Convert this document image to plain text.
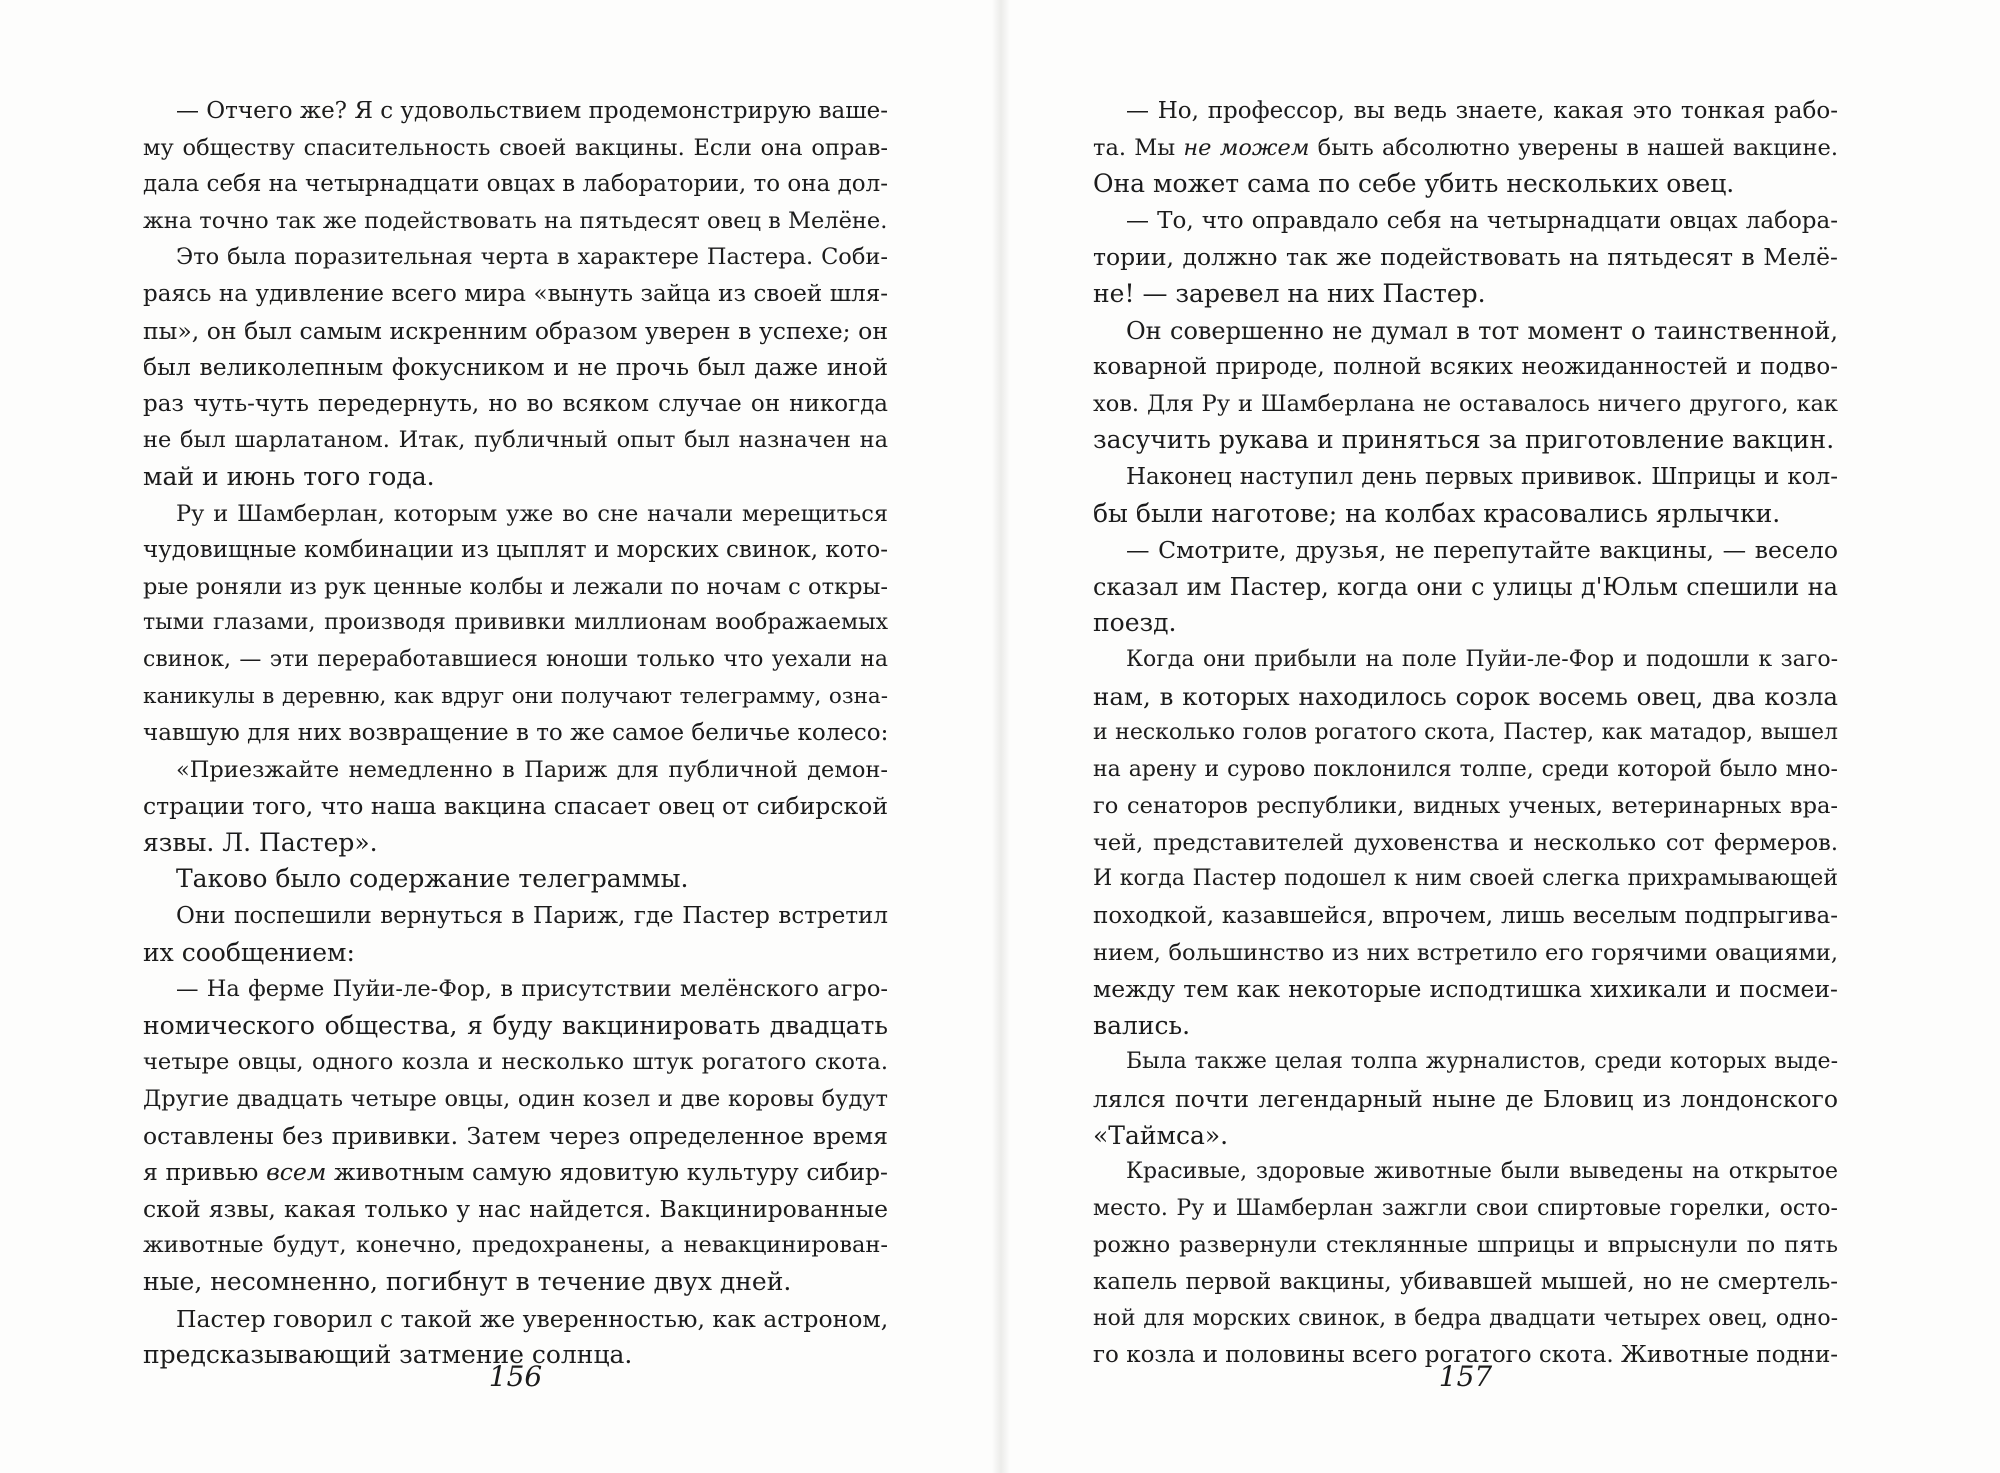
— Отчего же? Я с удовольствием продемонстрирую ваше-
му обществу спасительность своей вакцины. Если она оправ-
дала себя на четырнадцати овцах в лаборатории, то она дол-
жна точно так же подействовать на пятьдесят овец в Мелёне.
Это была поразительная черта в характере Пастера. Соби-
раясь на удивление всего мира «вынуть зайца из своей шля-
пы», он был самым искренним образом уверен в успехе; он
был великолепным фокусником и не прочь был даже иной
раз чуть-чуть передернуть, но во всяком случае он никогда
не был шарлатаном. Итак, публичный опыт был назначен на
май и июнь того года.
Ру и Шамберлан, которым уже во сне начали мерещиться
чудовищные комбинации из цыплят и морских свинок, кото-
рые роняли из рук ценные колбы и лежали по ночам с откры-
тыми глазами, производя прививки миллионам воображаемых
свинок, — эти переработавшиеся юноши только что уехали на
каникулы в деревню, как вдруг они получают телеграмму, озна-
чавшую для них возвращение в то же самое беличье колесо:
«Приезжайте немедленно в Париж для публичной демон-
страции того, что наша вакцина спасает овец от сибирской
язвы. Л. Пастер».
Таково было содержание телеграммы.
Они поспешили вернуться в Париж, где Пастер встретил
их сообщением:
— На ферме Пуйи-ле-Фор, в присутствии мелёнского агро-
номического общества, я буду вакцинировать двадцать
четыре овцы, одного козла и несколько штук рогатого скота.
Другие двадцать четыре овцы, один козел и две коровы будут
оставлены без прививки. Затем через определенное время
я привью всем животным самую ядовитую культуру сибир-
ской язвы, какая только у нас найдется. Вакцинированные
животные будут, конечно, предохранены, а невакцинирован-
ные, несомненно, погибнут в течение двух дней.
Пастер говорил с такой же уверенностью, как астроном,
предсказывающий затмение солнца.
— Но, профессор, вы ведь знаете, какая это тонкая рабо-
та. Мы не можем быть абсолютно уверены в нашей вакцине.
Она может сама по себе убить нескольких овец.
— То, что оправдало себя на четырнадцати овцах лабора-
тории, должно так же подействовать на пятьдесят в Мелё-
не! — заревел на них Пастер.
Он совершенно не думал в тот момент о таинственной,
коварной природе, полной всяких неожиданностей и подво-
хов. Для Ру и Шамберлана не оставалось ничего другого, как
засучить рукава и приняться за приготовление вакцин.
Наконец наступил день первых прививок. Шприцы и кол-
бы были наготове; на колбах красовались ярлычки.
— Смотрите, друзья, не перепутайте вакцины, — весело
сказал им Пастер, когда они с улицы д'Юльм спешили на
поезд.
Когда они прибыли на поле Пуйи-ле-Фор и подошли к заго-
нам, в которых находилось сорок восемь овец, два козла
и несколько голов рогатого скота, Пастер, как матадор, вышел
на арену и сурово поклонился толпе, среди которой было мно-
го сенаторов республики, видных ученых, ветеринарных вра-
чей, представителей духовенства и несколько сот фермеров.
И когда Пастер подошел к ним своей слегка прихрамывающей
походкой, казавшейся, впрочем, лишь веселым подпрыгива-
нием, большинство из них встретило его горячими овациями,
между тем как некоторые исподтишка хихикали и посмеи-
вались.
Была также целая толпа журналистов, среди которых выде-
лялся почти легендарный ныне де Бловиц из лондонского
«Таймса».
Красивые, здоровые животные были выведены на открытое
место. Ру и Шамберлан зажгли свои спиртовые горелки, осто-
рожно развернули стеклянные шприцы и впрыснули по пять
капель первой вакцины, убивавшей мышей, но не смертель-
ной для морских свинок, в бедра двадцати четырех овец, одно-
го козла и половины всего рогатого скота. Животные подни-
156	157
